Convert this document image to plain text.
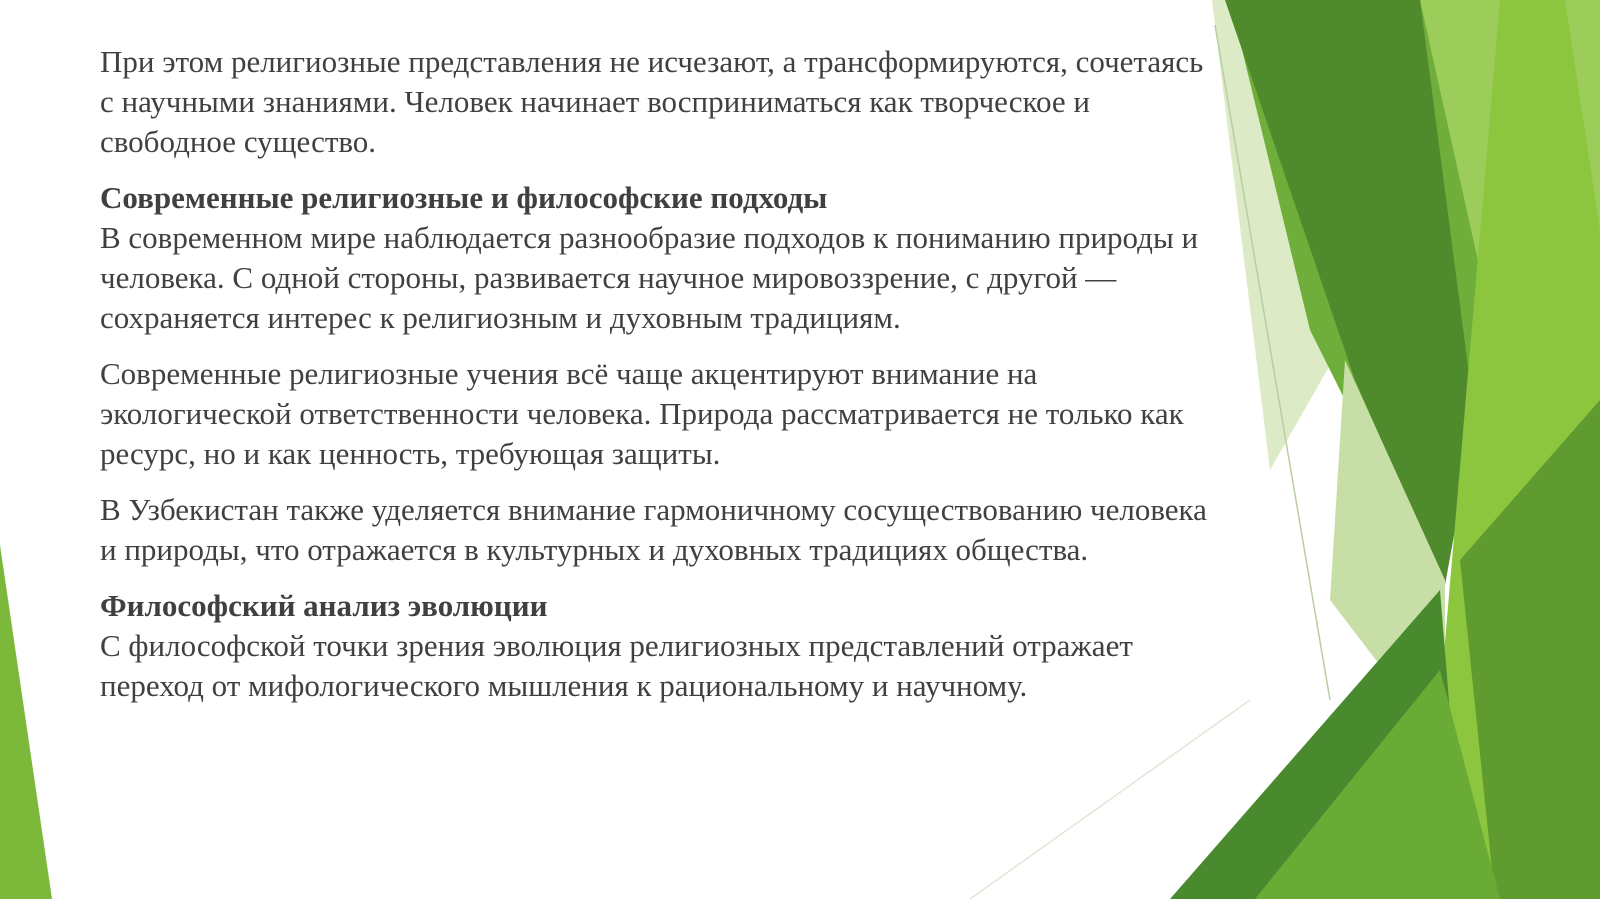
При этом религиозные представления не исчезают, а трансформируются, сочетаясь с научными знаниями. Человек начинает восприниматься как творческое и свободное существо.

Современные религиозные и философские подходы
В современном мире наблюдается разнообразие подходов к пониманию природы и человека. С одной стороны, развивается научное мировоззрение, с другой — сохраняется интерес к религиозным и духовным традициям.

Современные религиозные учения всё чаще акцентируют внимание на экологической ответственности человека. Природа рассматривается не только как ресурс, но и как ценность, требующая защиты.

В Узбекистан также уделяется внимание гармоничному сосуществованию человека и природы, что отражается в культурных и духовных традициях общества.

Философский анализ эволюции
С философской точки зрения эволюция религиозных представлений отражает переход от мифологического мышления к рациональному и научному.
